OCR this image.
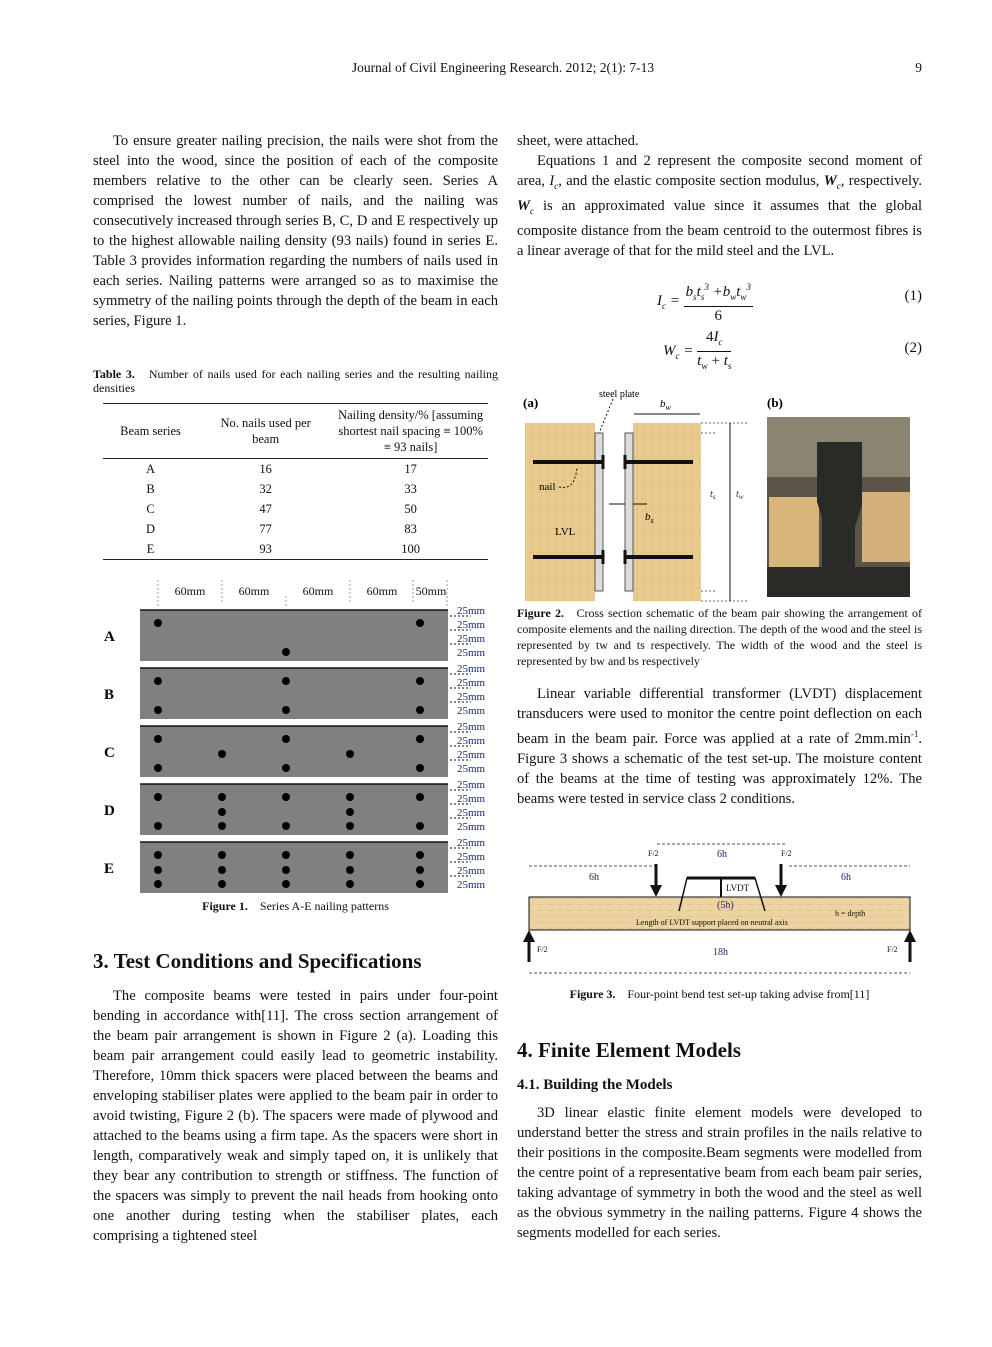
Journal of Civil Engineering Research. 2012; 2(1): 7-13	9

To ensure greater nailing precision, the nails were shot from the steel into the wood, since the position of each of the composite members relative to the other can be clearly seen. Series A comprised the lowest number of nails, and the nailing was consecutively increased through series B, C, D and E respectively up to the highest allowable nailing density (93 nails) found in series E. Table 3 provides information regarding the numbers of nails used in each series. Nailing patterns were arranged so as to maximise the symmetry of the nailing points through the depth of the beam in each series, Figure 1.

Table 3. Number of nails used for each nailing series and the resulting nailing densities
Beam series	No. nails used per beam	Nailing density/% [assuming shortest nail spacing ≡ 100% ≡ 93 nails]
A	16	17
B	32	33
C	47	50
D	77	83
E	93	100
60mm	60mm	60mm	60mm 50mm
A
25mm
25mm
25mm
25mm
B
25mm
25mm
25mm
25mm
C
25mm
25mm
25mm
25mm
D
25mm
25mm
25mm
25mm
E
25mm
25mm
25mm
25mm
Figure 1. Series A-E nailing patterns
3. Test Conditions and Specifications

The composite beams were tested in pairs under four-point bending in accordance with[11]. The cross section arrangement of the beam pair arrangement is shown in Figure 2 (a). Loading this beam pair arrangement could easily lead to geometric instability. Therefore, 10mm thick spacers were placed between the beams and enveloping stabiliser plates were applied to the beam pair in order to avoid twisting, Figure 2 (b). The spacers were made of plywood and attached to the beams using a firm tape. As the spacers were short in length, comparatively weak and simply taped on, it is unlikely that they bear any contribution to strength or stiffness. The function of the spacers was simply to prevent the nail heads from hooking onto one another during testing when the stabiliser plates, each comprising a tightened steel

sheet, were attached.

Equations 1 and 2 represent the composite second moment of area, $I_c$, and the elastic composite section modulus, $W_c$, respectively. $W_c$ is an approximated value since it assumes that the global composite distance from the beam centroid to the outermost fibres is a linear average of that for the mild steel and the LVL.

$I_c = \frac{b_st_s^3 +b_wt_w^3}{6}$	(1)
$W_c = \frac{4I_c}{t_w + t_s}$	(2)
(a)
steel plate
nail
LVL
$b_w$
$b_s$
$t_s$ $t_w$
(b)
Figure 2. Cross section schematic of the beam pair showing the arrangement of composite elements and the nailing direction. The depth of the wood and the steel is represented by tw and ts respectively. The width of the wood and the steel is represented by bw and bs respectively

Linear variable differential transformer (LVDT) displacement transducers were used to monitor the centre point deflection on each beam in the beam pair. Force was applied at a rate of $2mm.\min^{-1}$. Figure 3 shows a schematic of the test set-up. The moisture content of the beams at the time of testing was approximately 12%. The beams were tested in service class 2 conditions.

6h
F/2	F/2
6h	6h
LVDT
(5h)
Length of LVDT support placed on neutral axis
h = depth
F/2	F/2
18h
Figure 3. Four-point bend test set-up taking advise from[11]
4. Finite Element Models
4.1. Building the Models

3D linear elastic finite element models were developed to understand better the stress and strain profiles in the nails relative to their positions in the composite.Beam segments were modelled from the centre point of a representative beam from each beam pair series, taking advantage of symmetry in both the wood and the steel as well as the obvious symmetry in the nailing patterns. Figure 4 shows the segments modelled for each series.
